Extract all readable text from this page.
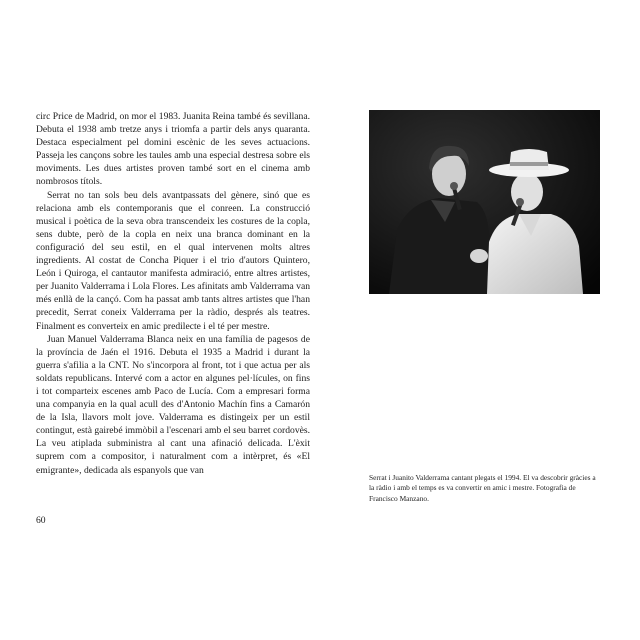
circ Price de Madrid, on mor el 1983. Juanita Reina també és sevillana. Debuta el 1938 amb tretze anys i triomfa a partir dels anys quaranta. Destaca especialment pel domini escènic de les seves actuacions. Passeja les cançons sobre les taules amb una especial destresa sobre els moviments. Les dues artistes proven també sort en el cinema amb nombrosos títols.

Serrat no tan sols beu dels avantpassats del gènere, sinó que es relaciona amb els contemporanis que el conreen. La construcció musical i poètica de la seva obra transcendeix les costures de la copla, sens dubte, però de la copla en neix una branca dominant en la configuració del seu estil, en el qual intervenen molts altres ingredients. Al costat de Concha Piquer i el trio d'autors Quintero, León i Quiroga, el cantautor manifesta admiració, entre altres artistes, per Juanito Valderrama i Lola Flores. Les afinitats amb Valderrama van més enllà de la cançó. Com ha passat amb tants altres artistes que l'han precedit, Serrat coneix Valderrama per la ràdio, després als teatres. Finalment es converteix en amic predilecte i el té per mestre.

Juan Manuel Valderrama Blanca neix en una família de pagesos de la província de Jaén el 1916. Debuta el 1935 a Madrid i durant la guerra s'afilia a la CNT. No s'incorpora al front, tot i que actua per als soldats republicans. Intervé com a actor en algunes pel·lícules, on fins i tot comparteix escenes amb Paco de Lucía. Com a empresari forma una companyia en la qual acull des d'Antonio Machín fins a Camarón de la Isla, llavors molt jove. Valderrama es distingeix per un estil contingut, està gairebé immòbil a l'escenari amb el seu barret cordovès. La veu atiplada subministra al cant una afinació delicada. L'èxit suprem com a compositor, i naturalment com a intèrpret, és «El emigrante», dedicada als espanyols que van

60
Serrat i Juanito Valderrama cantant plegats el 1994. El va descobrir gràcies a la ràdio i amb el temps es va convertir en amic i mestre. Fotografia de Francisco Manzano.
